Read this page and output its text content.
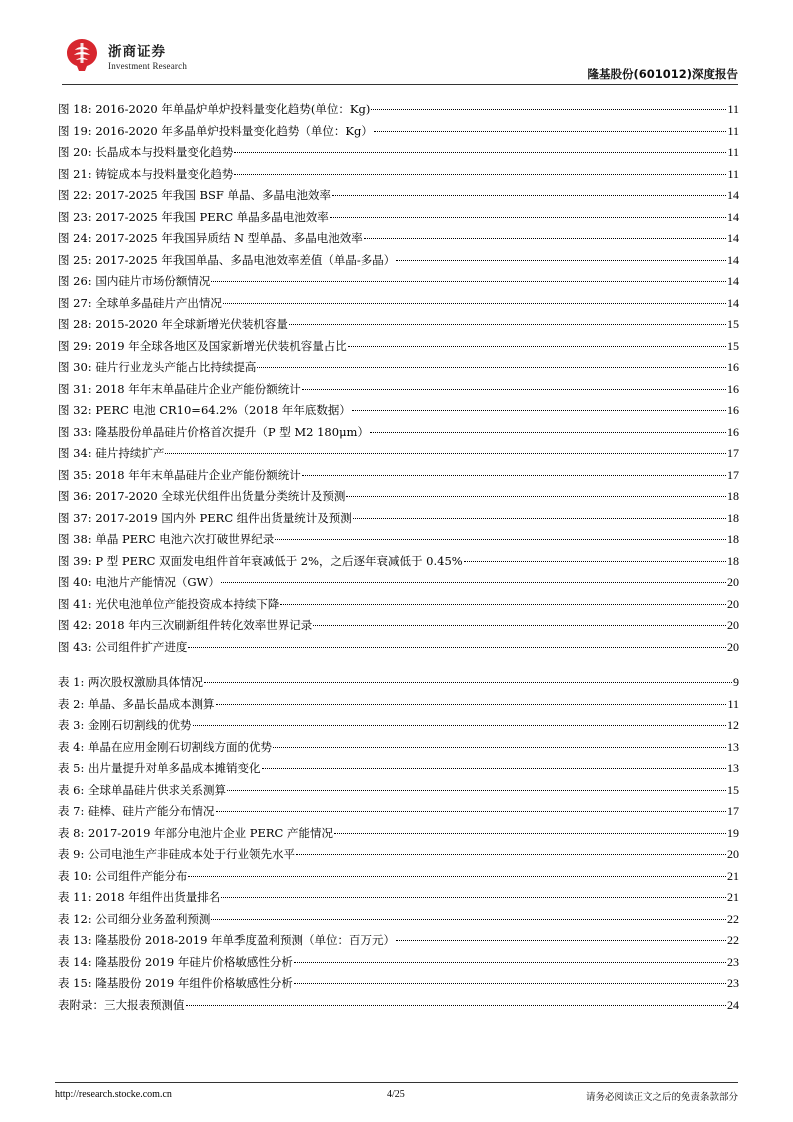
浙商证券
Investment Research
隆基股份(601012)深度报告
图 18: 2016-2020 年单晶炉单炉投料量变化趋势(单位：Kg)	11
图 19: 2016-2020 年多晶单炉投料量变化趋势（单位：Kg）	11
图 20: 长晶成本与投料量变化趋势	11
图 21: 铸锭成本与投料量变化趋势	11
图 22: 2017-2025 年我国 BSF 单晶、多晶电池效率	14
图 23: 2017-2025 年我国 PERC 单晶多晶电池效率	14
图 24: 2017-2025 年我国异质结 N 型单晶、多晶电池效率	14
图 25: 2017-2025 年我国单晶、多晶电池效率差值（单晶-多晶）	14
图 26: 国内硅片市场份额情况	14
图 27: 全球单多晶硅片产出情况	14
图 28: 2015-2020 年全球新增光伏装机容量	15
图 29: 2019 年全球各地区及国家新增光伏装机容量占比	15
图 30: 硅片行业龙头产能占比持续提高	16
图 31: 2018 年年末单晶硅片企业产能份额统计	16
图 32: PERC 电池 CR10=64.2%（2018 年年底数据）	16
图 33: 隆基股份单晶硅片价格首次提升（P 型 M2 180μm）	16
图 34: 硅片持续扩产	17
图 35: 2018 年年末单晶硅片企业产能份额统计	17
图 36: 2017-2020 全球光伏组件出货量分类统计及预测	18
图 37: 2017-2019 国内外 PERC 组件出货量统计及预测	18
图 38: 单晶 PERC 电池六次打破世界纪录	18
图 39: P 型 PERC 双面发电组件首年衰减低于 2%，之后逐年衰减低于 0.45%	18
图 40: 电池片产能情况（GW）	20
图 41: 光伏电池单位产能投资成本持续下降	20
图 42: 2018 年内三次刷新组件转化效率世界记录	20
图 43: 公司组件扩产进度	20
表 1: 两次股权激励具体情况	9
表 2: 单晶、多晶长晶成本测算	11
表 3: 金刚石切割线的优势	12
表 4: 单晶在应用金刚石切割线方面的优势	13
表 5: 出片量提升对单多晶成本摊销变化	13
表 6: 全球单晶硅片供求关系测算	15
表 7: 硅棒、硅片产能分布情况	17
表 8: 2017-2019 年部分电池片企业 PERC 产能情况	19
表 9: 公司电池生产非硅成本处于行业领先水平	20
表 10: 公司组件产能分布	21
表 11: 2018 年组件出货量排名	21
表 12: 公司细分业务盈利预测	22
表 13: 隆基股份 2018-2019 年单季度盈利预测（单位：百万元）	22
表 14: 隆基股份 2019 年硅片价格敏感性分析	23
表 15: 隆基股份 2019 年组件价格敏感性分析	23
表附录：三大报表预测值	24
http://research.stocke.com.cn	4/25	请务必阅读正文之后的免责条款部分
